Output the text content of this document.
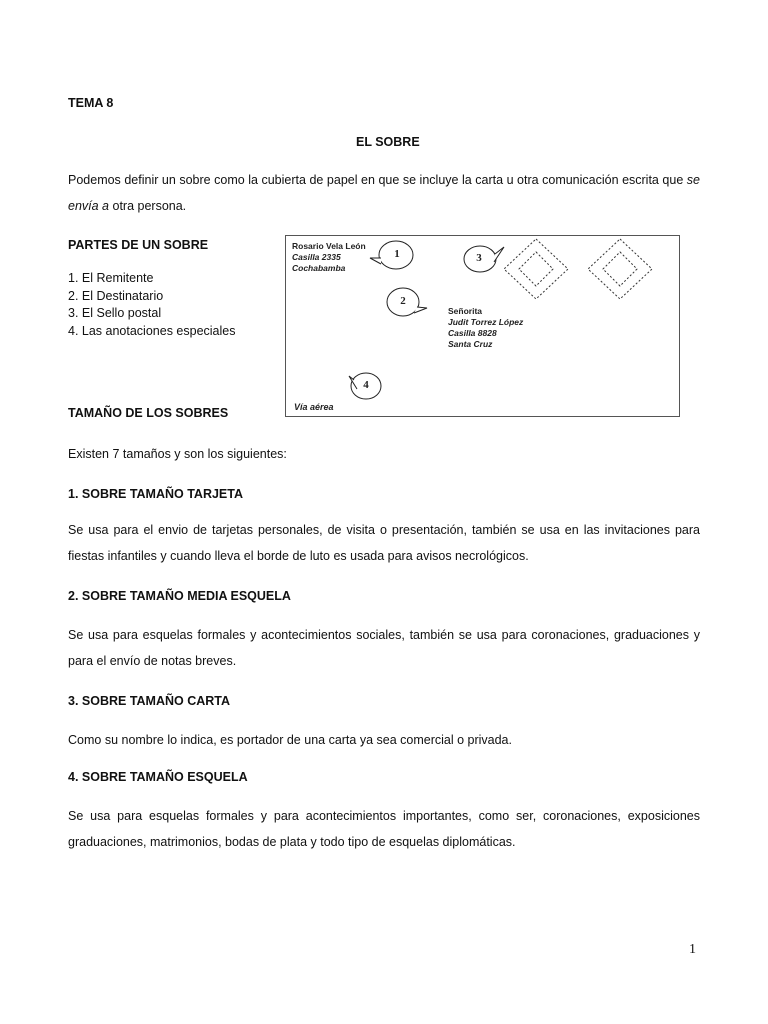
TEMA 8
EL SOBRE
Podemos definir un sobre como la cubierta de papel en que se incluye la carta u otra comunicación escrita que se envía a otra persona.
PARTES DE UN SOBRE
1. El Remitente
2. El Destinatario
3. El Sello postal
4. Las anotaciones especiales
1
2
3
4
Rosario Vela León
Casilla 2335
Cochabamba
Señorita
Judit Torrez López
Casilla 8828
Santa Cruz
Vía aérea
TAMAÑO DE LOS SOBRES
Existen 7 tamaños y son los siguientes:
1. SOBRE TAMAÑO TARJETA
Se usa para el envio de tarjetas personales, de visita o presentación, también se usa en las invitaciones para fiestas infantiles y cuando lleva el borde de luto es usada para avisos necrológicos.
2. SOBRE TAMAÑO MEDIA ESQUELA
Se usa para esquelas formales y acontecimientos sociales, también se usa para coronaciones, graduaciones y para el envío de notas breves.
3. SOBRE TAMAÑO CARTA
Como su nombre lo indica, es portador de una carta ya sea comercial o privada.
4. SOBRE TAMAÑO ESQUELA
Se usa para esquelas formales y para acontecimientos importantes, como ser, coronaciones, exposiciones graduaciones, matrimonios, bodas de plata y todo tipo de esquelas diplomáticas.
1
